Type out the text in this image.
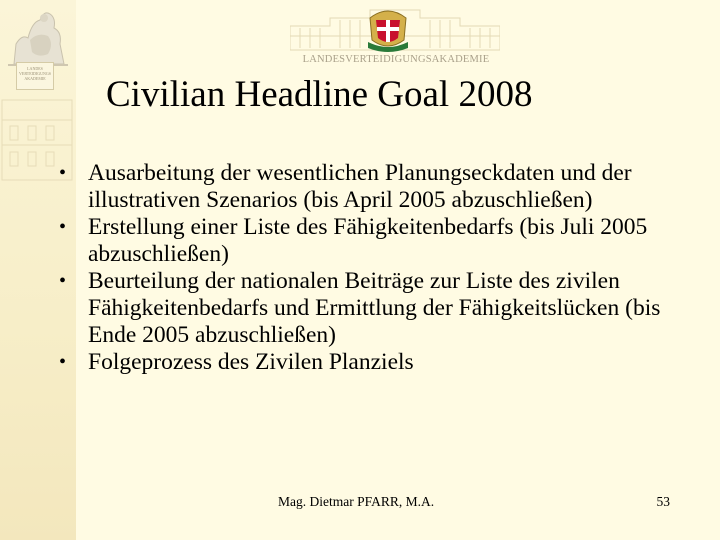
LANDES
VERTEIDIGUNGS
AKADEMIE
LANDESVERTEIDIGUNGSAKADEMIE
Civilian Headline Goal 2008
• Ausarbeitung der wesentlichen Planungseckdaten und der illustrativen Szenarios (bis April 2005 abzuschließen)
• Erstellung einer Liste des Fähigkeitenbedarfs (bis Juli 2005 abzuschließen)
• Beurteilung der nationalen Beiträge zur Liste des zivilen Fähigkeitenbedarfs und Ermittlung der Fähigkeitslücken (bis Ende 2005 abzuschließen)
• Folgeprozess des Zivilen Planziels
Mag. Dietmar PFARR, M.A.	53
